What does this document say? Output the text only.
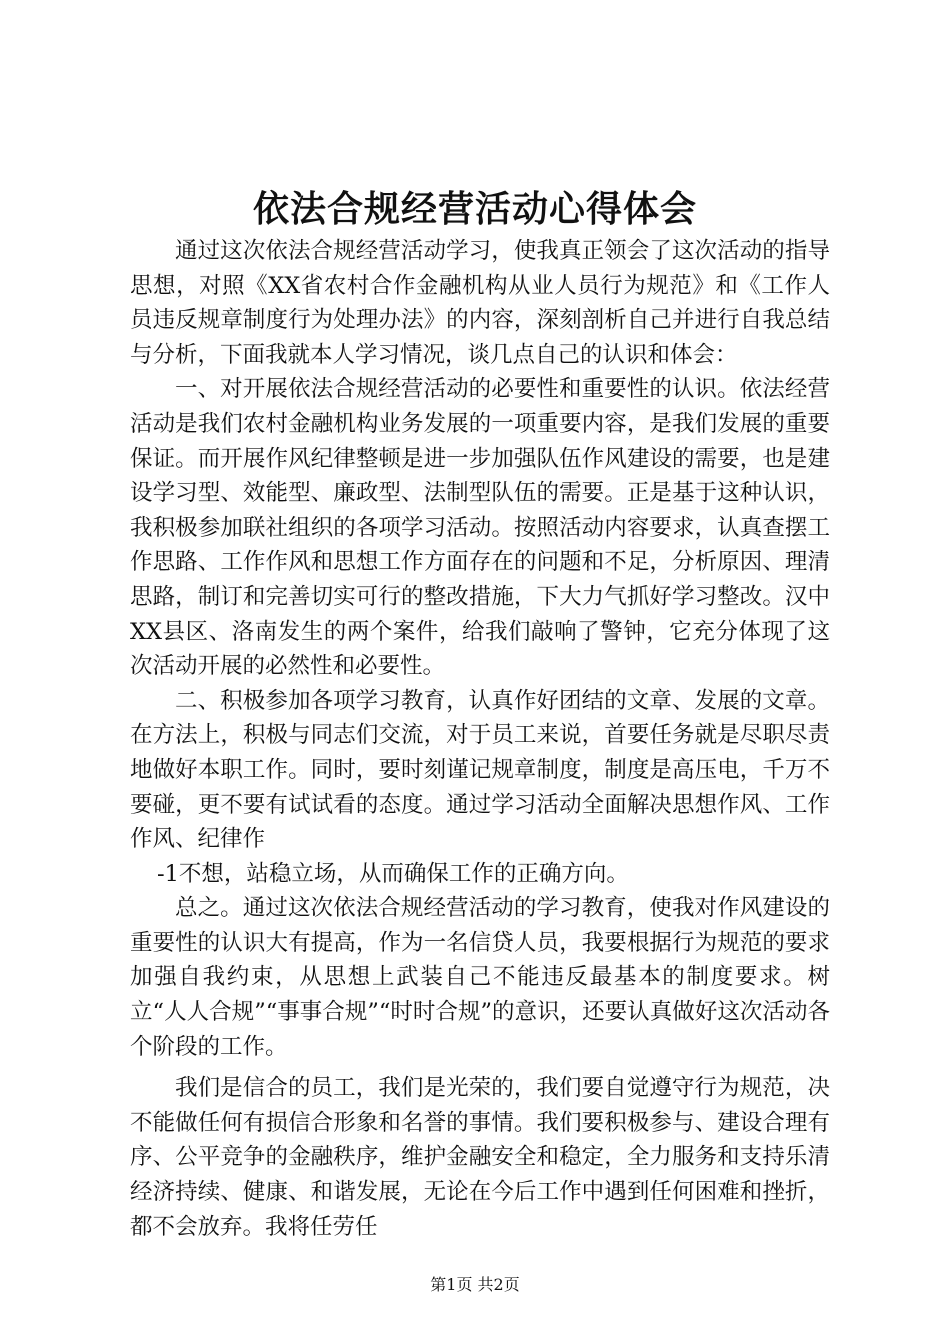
依法合规经营活动心得体会

通过这次依法合规经营活动学习，使我真正领会了这次活动的指导思想，对照《XX省农村合作金融机构从业人员行为规范》和《工作人员违反规章制度行为处理办法》的内容，深刻剖析自己并进行自我总结与分析，下面我就本人学习情况，谈几点自己的认识和体会：

一、对开展依法合规经营活动的必要性和重要性的认识。依法经营活动是我们农村金融机构业务发展的一项重要内容，是我们发展的重要保证。而开展作风纪律整顿是进一步加强队伍作风建设的需要，也是建设学习型、效能型、廉政型、法制型队伍的需要。正是基于这种认识，我积极参加联社组织的各项学习活动。按照活动内容要求，认真查摆工作思路、工作作风和思想工作方面存在的问题和不足，分析原因、理清思路，制订和完善切实可行的整改措施，下大力气抓好学习整改。汉中XX县区、洛南发生的两个案件，给我们敲响了警钟，它充分体现了这次活动开展的必然性和必要性。

二、积极参加各项学习教育，认真作好团结的文章、发展的文章。在方法上，积极与同志们交流，对于员工来说，首要任务就是尽职尽责地做好本职工作。同时，要时刻谨记规章制度，制度是高压电，千万不要碰，更不要有试试看的态度。通过学习活动全面解决思想作风、工作作风、纪律作

-1不想，站稳立场，从而确保工作的正确方向。

总之。通过这次依法合规经营活动的学习教育，使我对作风建设的重要性的认识大有提高，作为一名信贷人员，我要根据行为规范的要求加强自我约束，从思想上武装自己不能违反最基本的制度要求。树立“人人合规”“事事合规”“时时合规”的意识，还要认真做好这次活动各个阶段的工作。

我们是信合的员工，我们是光荣的，我们要自觉遵守行为规范，决不能做任何有损信合形象和名誉的事情。我们要积极参与、建设合理有序、公平竞争的金融秩序，维护金融安全和稳定，全力服务和支持乐清经济持续、健康、和谐发展，无论在今后工作中遇到任何困难和挫折，都不会放弃。我将任劳任

第1页 共2页
